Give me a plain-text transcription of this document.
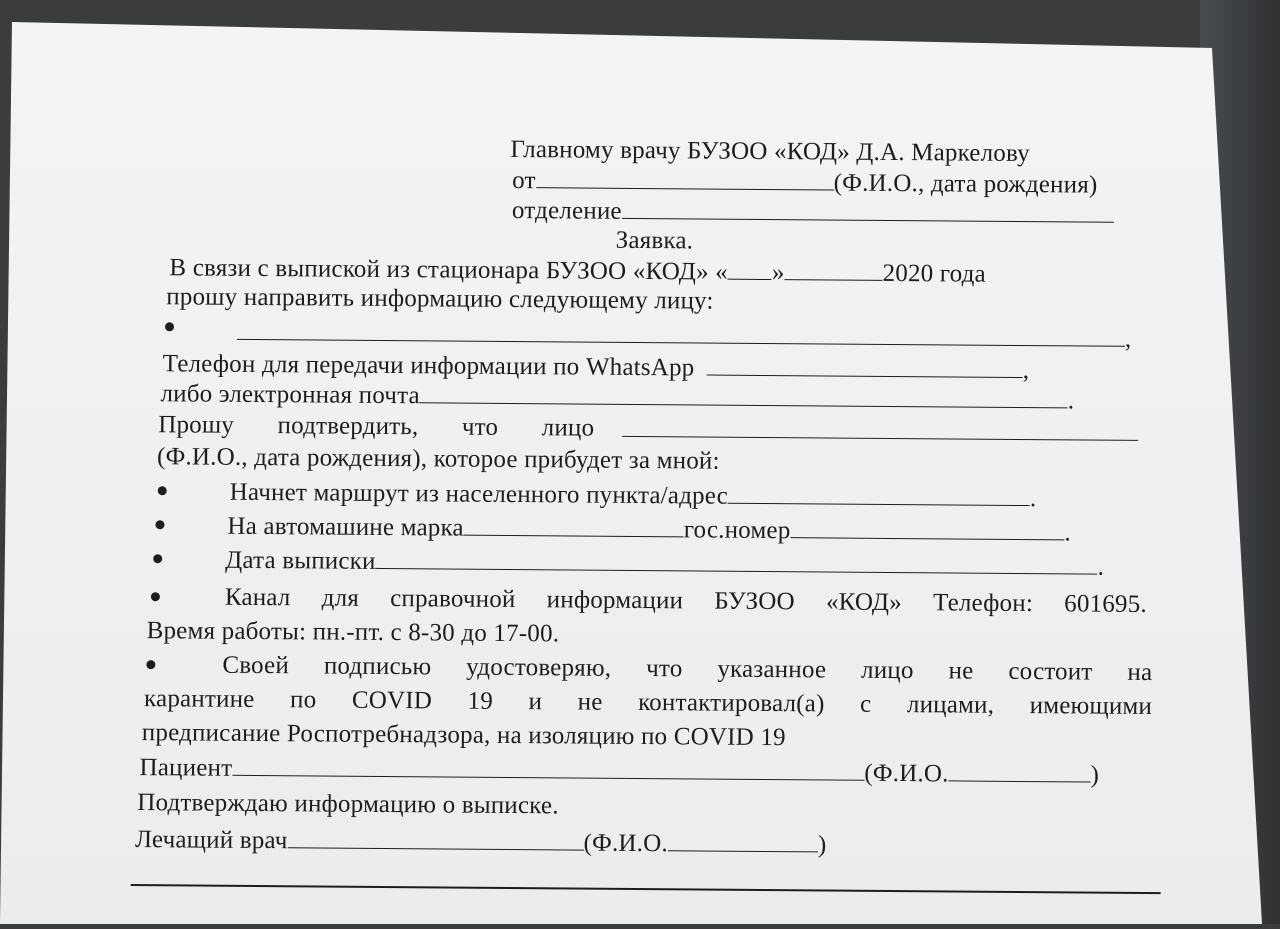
Главному врачу БУЗОО «КОД» Д.А. Маркелову
от	(Ф.И.О., дата рождения)
отделение
Заявка.
В связи с выпиской из стационара БУЗОО «КОД» « »	2020 года
прошу направить информацию следующему лицу:
,
Телефон для передачи информации по WhatsApp	,
либо электронная почта	.
Прошу подтвердить, что лицо
(Ф.И.О., дата рождения), которое прибудет за мной:
Начнет маршрут из населенного пункта/адрес	.
На автомашине марка	гос.номер	.
Дата выписки	.
Канал для справочной информации БУЗОО «КОД» Телефон: 601695.
Время работы: пн.-пт. с 8-30 до 17-00.
Своей подписью удостоверяю, что указанное лицо не состоит на
карантине по COVID 19 и не контактировал(а) с лицами, имеющими
предписание Роспотребнадзора, на изоляцию по COVID 19
Пациент	(Ф.И.О.	)
Подтверждаю информацию о выписке.
Лечащий врач	(Ф.И.О.	)
